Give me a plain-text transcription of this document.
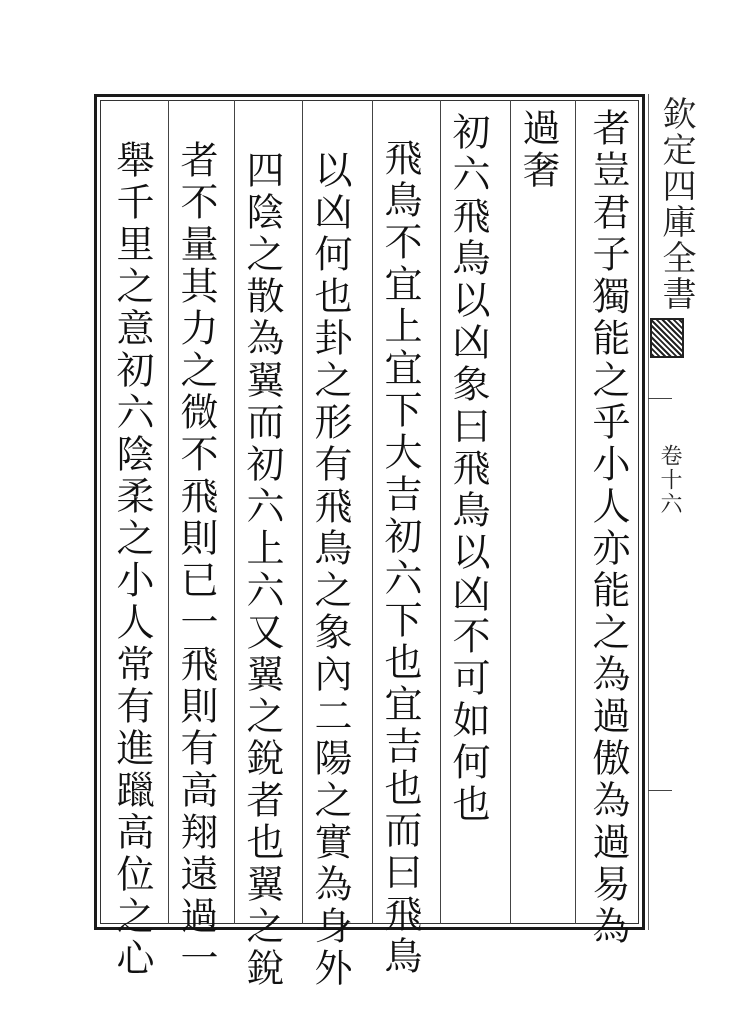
欽定四庫全書
卷十六
者豈君子獨能之乎小人亦能之為過傲為過易為
過奢
初六飛鳥以凶象曰飛鳥以凶不可如何也
飛鳥不宜上宜下大吉初六下也宜吉也而曰飛鳥
以凶何也卦之形有飛鳥之象內二陽之實為身外
四陰之散為翼而初六上六又翼之銳者也翼之銳
者不量其力之微不飛則已一飛則有高翔遠過一
舉千里之意初六陰柔之小人常有進躐高位之心
